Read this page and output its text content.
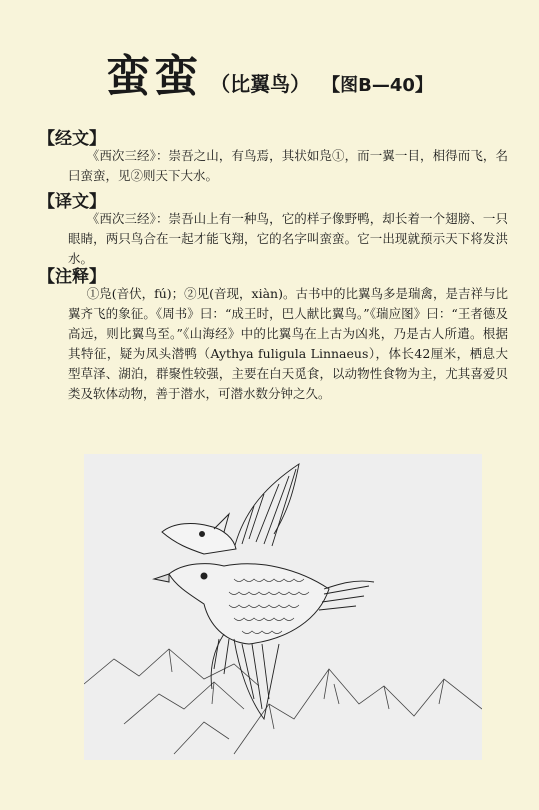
蛮蛮 （比翼鸟） 【图B—40】
【经文】

《西次三经》：崇吾之山，有鸟焉，其状如凫①，而一翼一目，相得而飞，名曰蛮蛮，见②则天下大水。

【译文】

《西次三经》：崇吾山上有一种鸟，它的样子像野鸭，却长着一个翅膀、一只眼睛，两只鸟合在一起才能飞翔，它的名字叫蛮蛮。它一出现就预示天下将发洪水。

【注释】

①凫(音伏，fú)；②见(音现，xiàn)。古书中的比翼鸟多是瑞禽，是吉祥与比翼齐飞的象征。《周书》曰：“成王时，巴人献比翼鸟。”《瑞应图》曰：“王者德及高远，则比翼鸟至。”《山海经》中的比翼鸟在上古为凶兆，乃是古人所遣。根据其特征，疑为凤头潜鸭（Aythya fuligula Linnaeus），体长42厘米，栖息大型草泽、湖泊，群聚性较强，主要在白天觅食，以动物性食物为主，尤其喜爱贝类及软体动物，善于潜水，可潜水数分钟之久。
